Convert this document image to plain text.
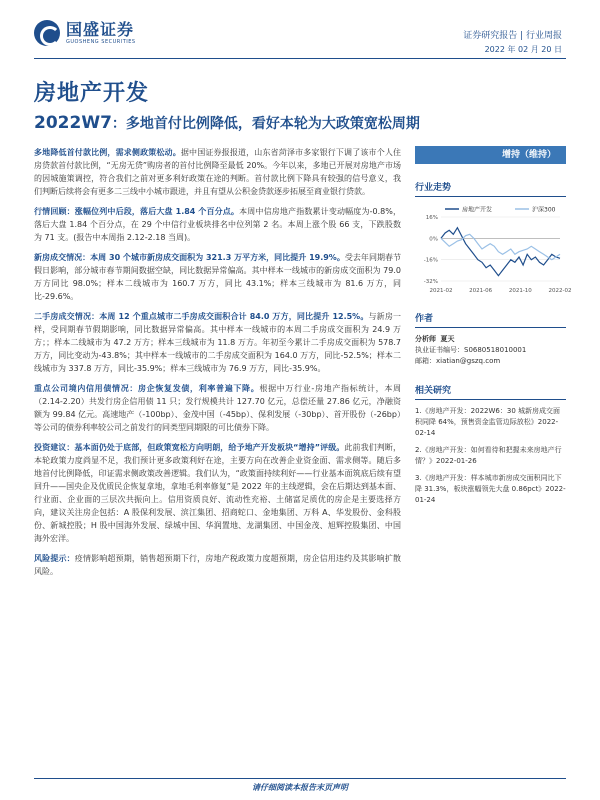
国盛证券
GUOSHENG SECURITIES
证券研究报告 | 行业周报
2022 年 02 月 20 日
房地产开发
2022W7：多地首付比例降低，看好本轮为大政策宽松周期

多地降低首付款比例，需求侧政策松动。据中国证券报报道，山东省菏泽市多家银行下调了该市个人住房贷款首付款比例，“无房无贷”购房者的首付比例降至最低 20%。今年以来，多地已开展对房地产市场的因城施策调控，符合我们之前对更多利好政策在途的判断。首付款比例下降具有较强的信号意义，我们判断后续将会有更多二三线中小城市跟进，并且有望从公积金贷款逐步拓展至商业银行贷款。

行情回顾：涨幅位列中后段，落后大盘 1.84 个百分点。本周中信房地产指数累计变动幅度为-0.8%，落后大盘 1.84 个百分点，在 29 个中信行业板块排名中位列第 2 名。本周上涨个股 66 支，下跌股数为 71 支。(报告中本周指 2.12-2.18 当周)。

新房成交情况：本周 30 个城市新房成交面积为 321.3 万平方米，同比提升 19.9%。受去年同期春节假日影响，部分城市春节期间数据空缺，同比数据异常偏高。其中样本一线城市的新房成交面积为 79.0 万方同比 98.0%；样本二线城市为 160.7 万方，同比 43.1%；样本三线城市为 81.6 万方，同比-29.6%。

二手房成交情况：本周 12 个重点城市二手房成交面积合计 84.0 万方，同比提升 12.5%。与新房一样，受同期春节假期影响，同比数据异常偏高。其中样本一线城市的本周二手房成交面积为 24.9 万方；；样本二线城市为 47.2 万方；样本三线城市为 11.8 万方。年初至今累计二手房成交面积为 578.7 万方，同比变动为-43.8%；其中样本一线城市的二手房成交面积为 164.0 万方，同比-52.5%；样本二线城市为 337.8 万方，同比-35.9%；样本三线城市为 76.9 万方，同比-35.9%。

重点公司境内信用债情况：房企恢复发债，利率普遍下降。根据中万行业-房地产指标统计，本周（2.14-2.20）共发行房企信用债 11 只；发行规模共计 127.70 亿元，总偿还量 27.86 亿元，净融资额为 99.84 亿元。高速地产（-100bp）、金茂中国（-45bp）、保利发展（-30bp）、首开股份（-26bp）等公司的债券利率较公司之前发行的同类型同期限的可比债券下降。

投资建议：基本面仍处于底部，但政策宽松方向明朗，给予地产开发板块“增持”评级。此前我们判断，本轮政策力度尚显不足，我们预计更多政策利好在途，主要方向在改善企业资金面、需求侧等。随后多地首付比例降低，印证需求侧政策改善逻辑。我们认为，“政策面持续利好——行业基本面筑底后续有望回升——国央企及优质民企恢复拿地，拿地毛利率修复”是 2022 年的主线逻辑，会在后期达到基本面、行业面、企业面的三层次共振向上。信用资质良好、流动性充裕、土储富足质优的房企是主要选择方向，建议关注房企包括：A 股保利发展、滨江集团、招商蛇口、金地集团、万科 A、华发股份、金科股份、新城控股；H 股中国海外发展、绿城中国、华润置地、龙湖集团、中国金茂、旭辉控股集团、中国海外宏洋。

风险提示：疫情影响超预期，销售超预期下行，房地产税政策力度超预期，房企信用违约及其影响扩散风险。

增持（维持）
行业走势
房地产开发	沪深300
16%
0%
-16%
-32%
2021-02	2021-06	2021-10	2022-02
作者
分析师 夏天
执业证书编号：S0680518010001
邮箱：xiatian@gszq.com
相关研究
1.《房地产开发：2022W6：30 城新房成交面积同降 64%，预售资金监管边际放松》2022-02-14
2.《房地产开发：如何看待和把握未来房地产行情？》2022-01-26
3.《房地产开发：样本城市新房成交面积同比下降 31.3%，板块涨幅领先大盘 0.86pct》2022-01-24
请仔细阅读本报告末页声明
